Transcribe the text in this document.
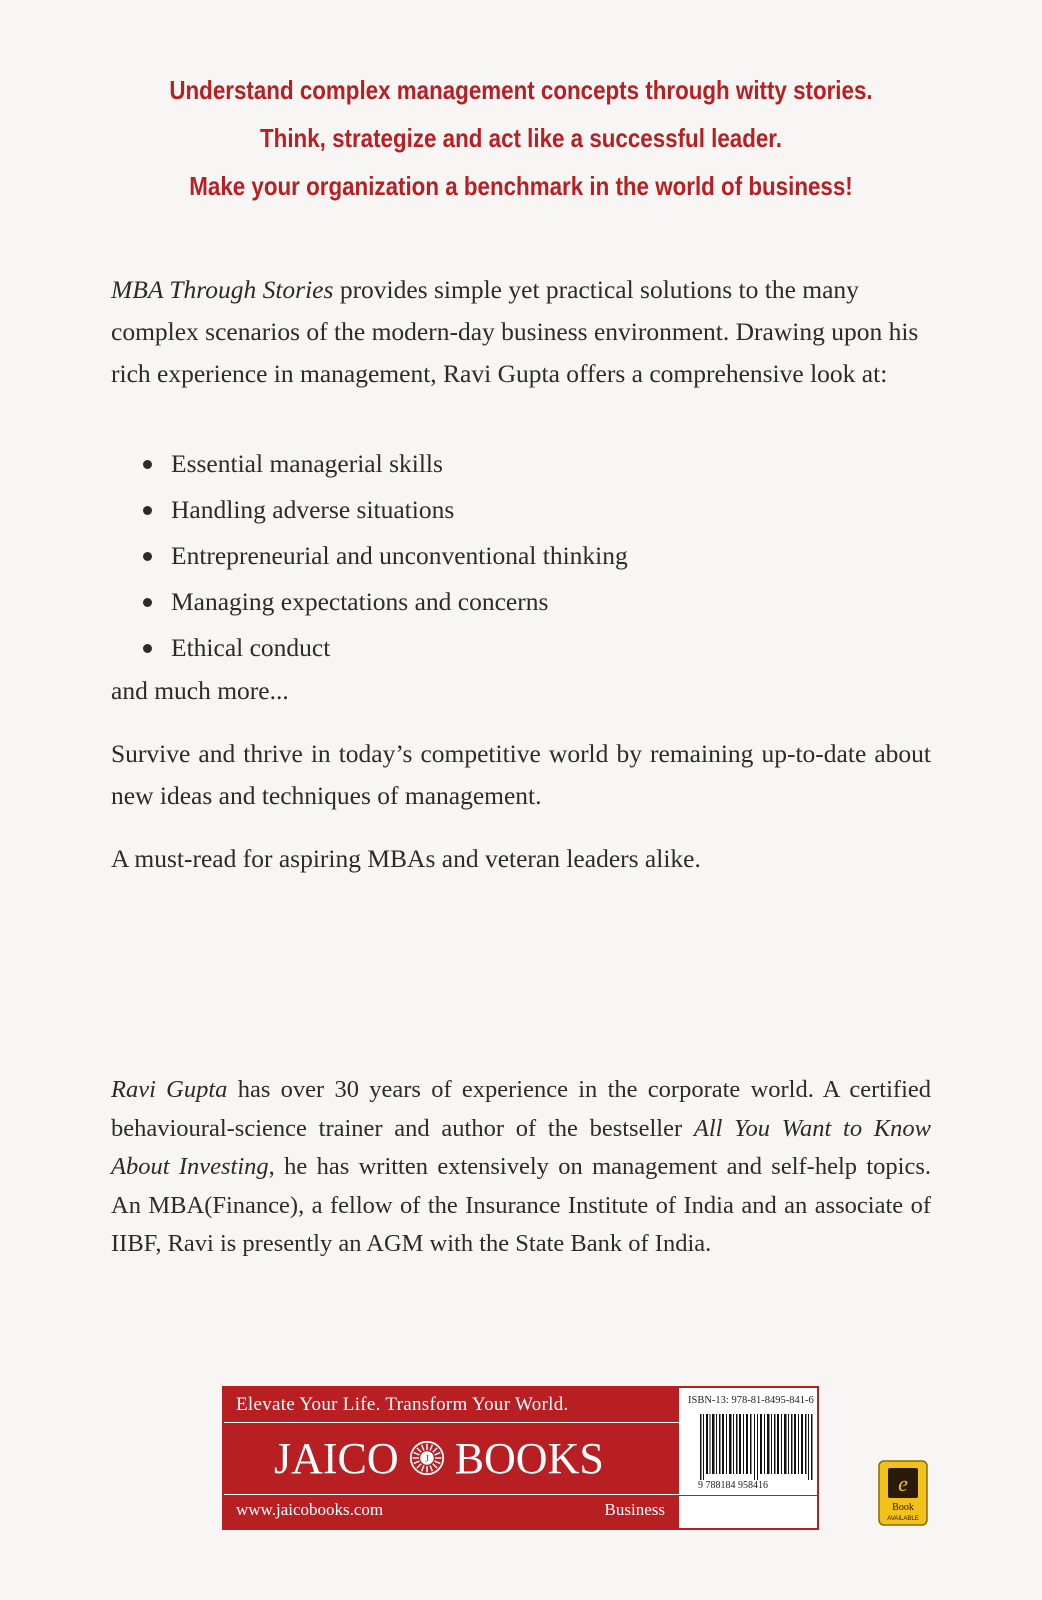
Understand complex management concepts through witty stories.
Think, strategize and act like a successful leader.
Make your organization a benchmark in the world of business!
MBA Through Stories provides simple yet practical solutions to the many complex scenarios of the modern-day business environment. Drawing upon his rich experience in management, Ravi Gupta offers a comprehensive look at:
Essential managerial skills
Handling adverse situations
Entrepreneurial and unconventional thinking
Managing expectations and concerns
Ethical conduct
and much more...
Survive and thrive in today’s competitive world by remaining up-to-date about new ideas and techniques of management.
A must-read for aspiring MBAs and veteran leaders alike.
Ravi Gupta has over 30 years of experience in the corporate world. A certified behavioural-science trainer and author of the bestseller All You Want to Know About Investing, he has written extensively on management and self-help topics. An MBA(Finance), a fellow of the Insurance Institute of India and an associate of IIBF, Ravi is presently an AGM with the State Bank of India.
Elevate Your Life. Transform Your World.
JAICO J BOOKS
www.jaicobooks.com	Business
ISBN-13: 978-81-8495-841-6
9 788184 958416	e
Book
AVAILABLE
